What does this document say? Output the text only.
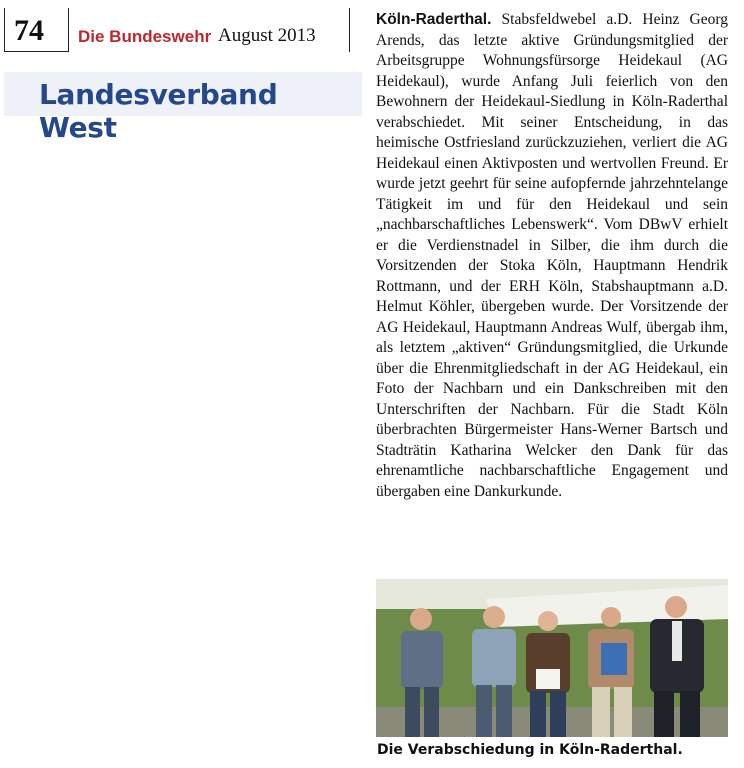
74 Die Bundeswehr August 2013
Landesverband West
Köln-Raderthal. Stabsfeldwebel a.D. Heinz Georg Arends, das letzte aktive Gründungsmitglied der Arbeitsgruppe Wohnungsfürsorge Heidekaul (AG Heidekaul), wurde Anfang Juli feierlich von den Bewohnern der Heidekaul-Siedlung in Köln-Raderthal verabschiedet. Mit seiner Entscheidung, in das heimische Ostfriesland zurückzuziehen, verliert die AG Heidekaul einen Aktivposten und wertvollen Freund. Er wurde jetzt geehrt für seine aufopfernde jahrzehntelange Tätigkeit im und für den Heidekaul und sein „nachbarschaftliches Lebenswerk“. Vom DBwV erhielt er die Verdienstnadel in Silber, die ihm durch die Vorsitzenden der Stoka Köln, Hauptmann Hendrik Rottmann, und der ERH Köln, Stabshauptmann a.D. Helmut Köhler, übergeben wurde. Der Vorsitzende der AG Heidekaul, Hauptmann Andreas Wulf, übergab ihm, als letztem „aktiven“ Gründungsmitglied, die Urkunde über die Ehrenmitgliedschaft in der AG Heidekaul, ein Foto der Nachbarn und ein Dankschreiben mit den Unterschriften der Nachbarn. Für die Stadt Köln überbrachten Bürgermeister Hans-Werner Bartsch und Stadträtin Katharina Welcker den Dank für das ehrenamtliche nachbarschaftliche Engagement und übergaben eine Dankurkunde.
Die Verabschiedung in Köln-Raderthal.
